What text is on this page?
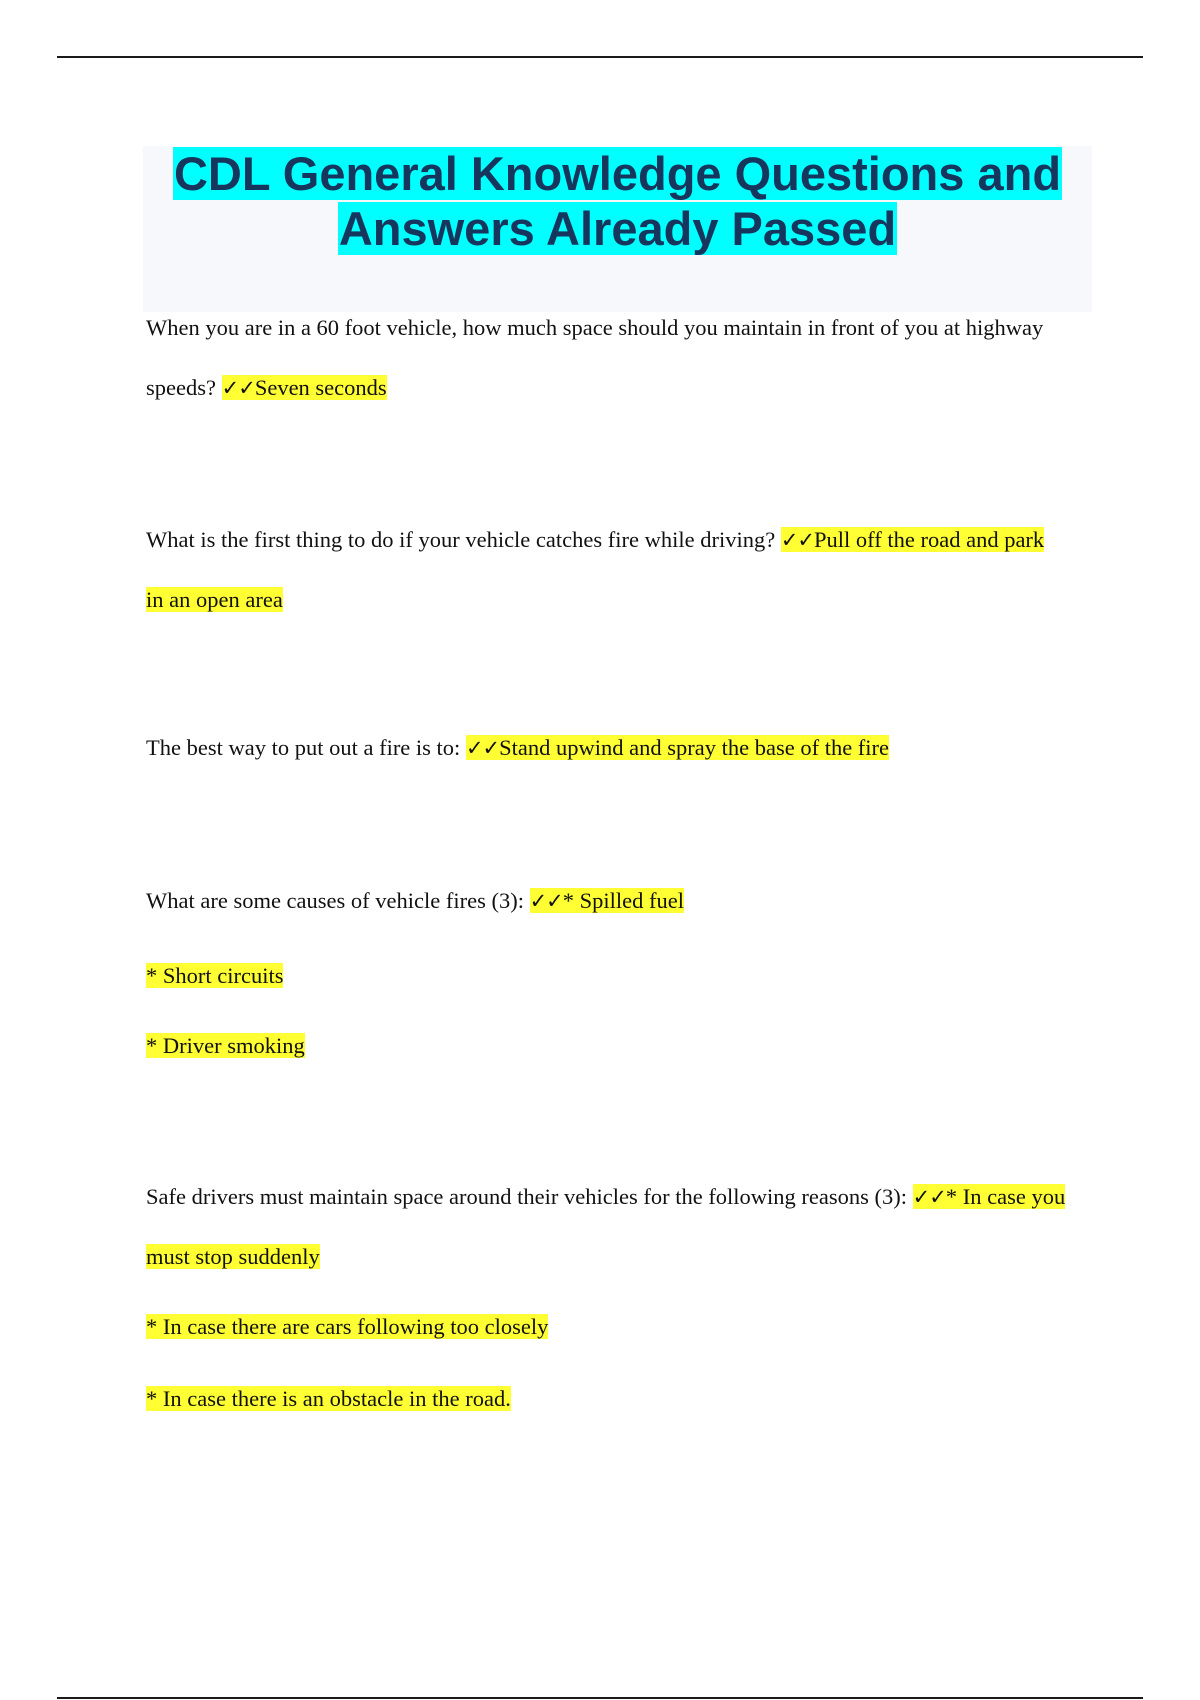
CDL General Knowledge Questions and

Answers Already Passed

When you are in a 60 foot vehicle, how much space should you maintain in front of you at highway speeds? ✓✓Seven seconds

What is the first thing to do if your vehicle catches fire while driving? ✓✓Pull off the road and park in an open area

The best way to put out a fire is to: ✓✓Stand upwind and spray the base of the fire

What are some causes of vehicle fires (3): ✓✓* Spilled fuel

* Short circuits

* Driver smoking

Safe drivers must maintain space around their vehicles for the following reasons (3): ✓✓* In case you must stop suddenly

* In case there are cars following too closely

* In case there is an obstacle in the road.
